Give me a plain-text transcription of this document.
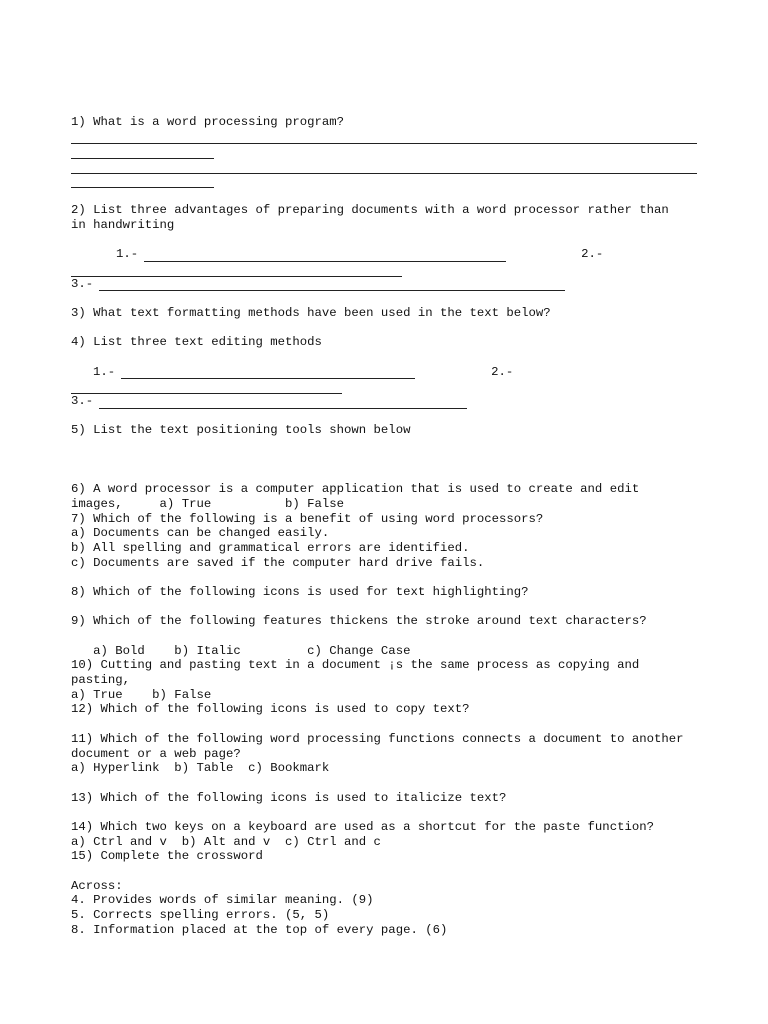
1) What is a word processing program?
2) List three advantages of preparing documents with a word processor rather than
in handwriting
1.-	2.-
3.-
3) What text formatting methods have been used in the text below?
4) List three text editing methods
1.-	2.-
3.-
5) List the text positioning tools shown below
6) A word processor is a computer application that is used to create and edit
images,     a) True          b) False
7) Which of the following is a benefit of using word processors?
a) Documents can be changed easily.
b) All spelling and grammatical errors are identified.
c) Documents are saved if the computer hard drive fails.
8) Which of the following icons is used for text highlighting?
9) Which of the following features thickens the stroke around text characters?
a) Bold    b) Italic         c) Change Case
10) Cutting and pasting text in a document ¡s the same process as copying and
pasting,
a) True    b) False
12) Which of the following icons is used to copy text?
11) Which of the following word processing functions connects a document to another
document or a web page?
a) Hyperlink  b) Table  c) Bookmark
13) Which of the following icons is used to italicize text?
14) Which two keys on a keyboard are used as a shortcut for the paste function?
a) Ctrl and v  b) Alt and v  c) Ctrl and c
15) Complete the crossword
Across:
4. Provides words of similar meaning. (9)
5. Corrects spelling errors. (5, 5)
8. Information placed at the top of every page. (6)
